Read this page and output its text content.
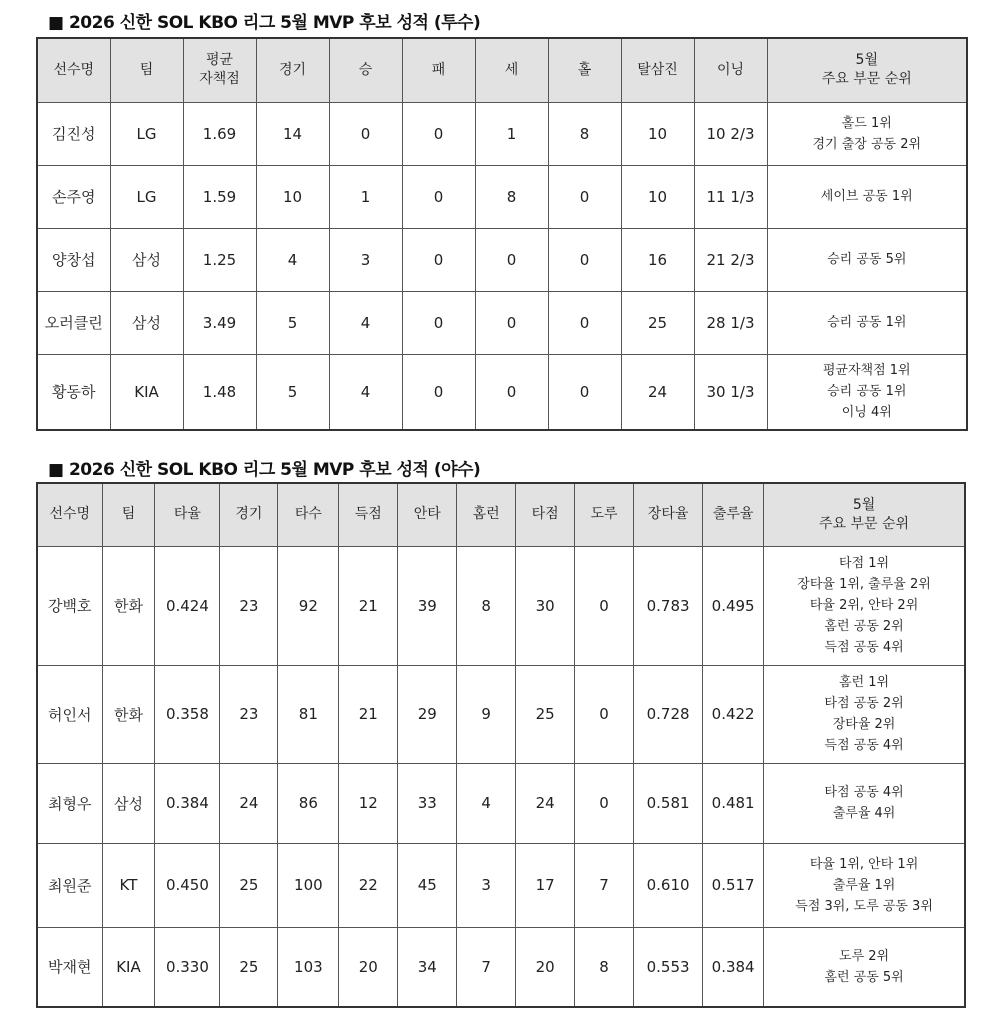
■ 2026 신한 SOL KBO 리그 5월 MVP 후보 성적 (투수)
선수명	팀	평균
자책점	경기	승	패	세	홀	탈삼진	이닝	5월
주요 부문 순위

김진성	LG	1.69	14	0	0	1	8	10	10 2/3	홀드 1위
경기 출장 공동 2위

손주영	LG	1.59	10	1	0	8	0	10	11 1/3	세이브 공동 1위

양창섭	삼성	1.25	4	3	0	0	0	16	21 2/3	승리 공동 5위

오러클린	삼성	3.49	5	4	0	0	0	25	28 1/3	승리 공동 1위

황동하	KIA	1.48	5	4	0	0	0	24	30 1/3	평균자책점 1위
승리 공동 1위
이닝 4위
■ 2026 신한 SOL KBO 리그 5월 MVP 후보 성적 (야수)
선수명	팀	타율	경기	타수	득점	안타	홈런	타점	도루	장타율	출루율	5월
주요 부문 순위

강백호	한화	0.424	23	92	21	39	8	30	0	0.783	0.495	타점 1위
장타율 1위, 출루율 2위
타율 2위, 안타 2위
홈런 공동 2위
득점 공동 4위

허인서	한화	0.358	23	81	21	29	9	25	0	0.728	0.422	홈런 1위
타점 공동 2위
장타율 2위
득점 공동 4위

최형우	삼성	0.384	24	86	12	33	4	24	0	0.581	0.481	타점 공동 4위
출루율 4위

최원준	KT	0.450	25	100	22	45	3	17	7	0.610	0.517	타율 1위, 안타 1위
출루율 1위
득점 3위, 도루 공동 3위

박재현	KIA	0.330	25	103	20	34	7	20	8	0.553	0.384	도루 2위
홈런 공동 5위
